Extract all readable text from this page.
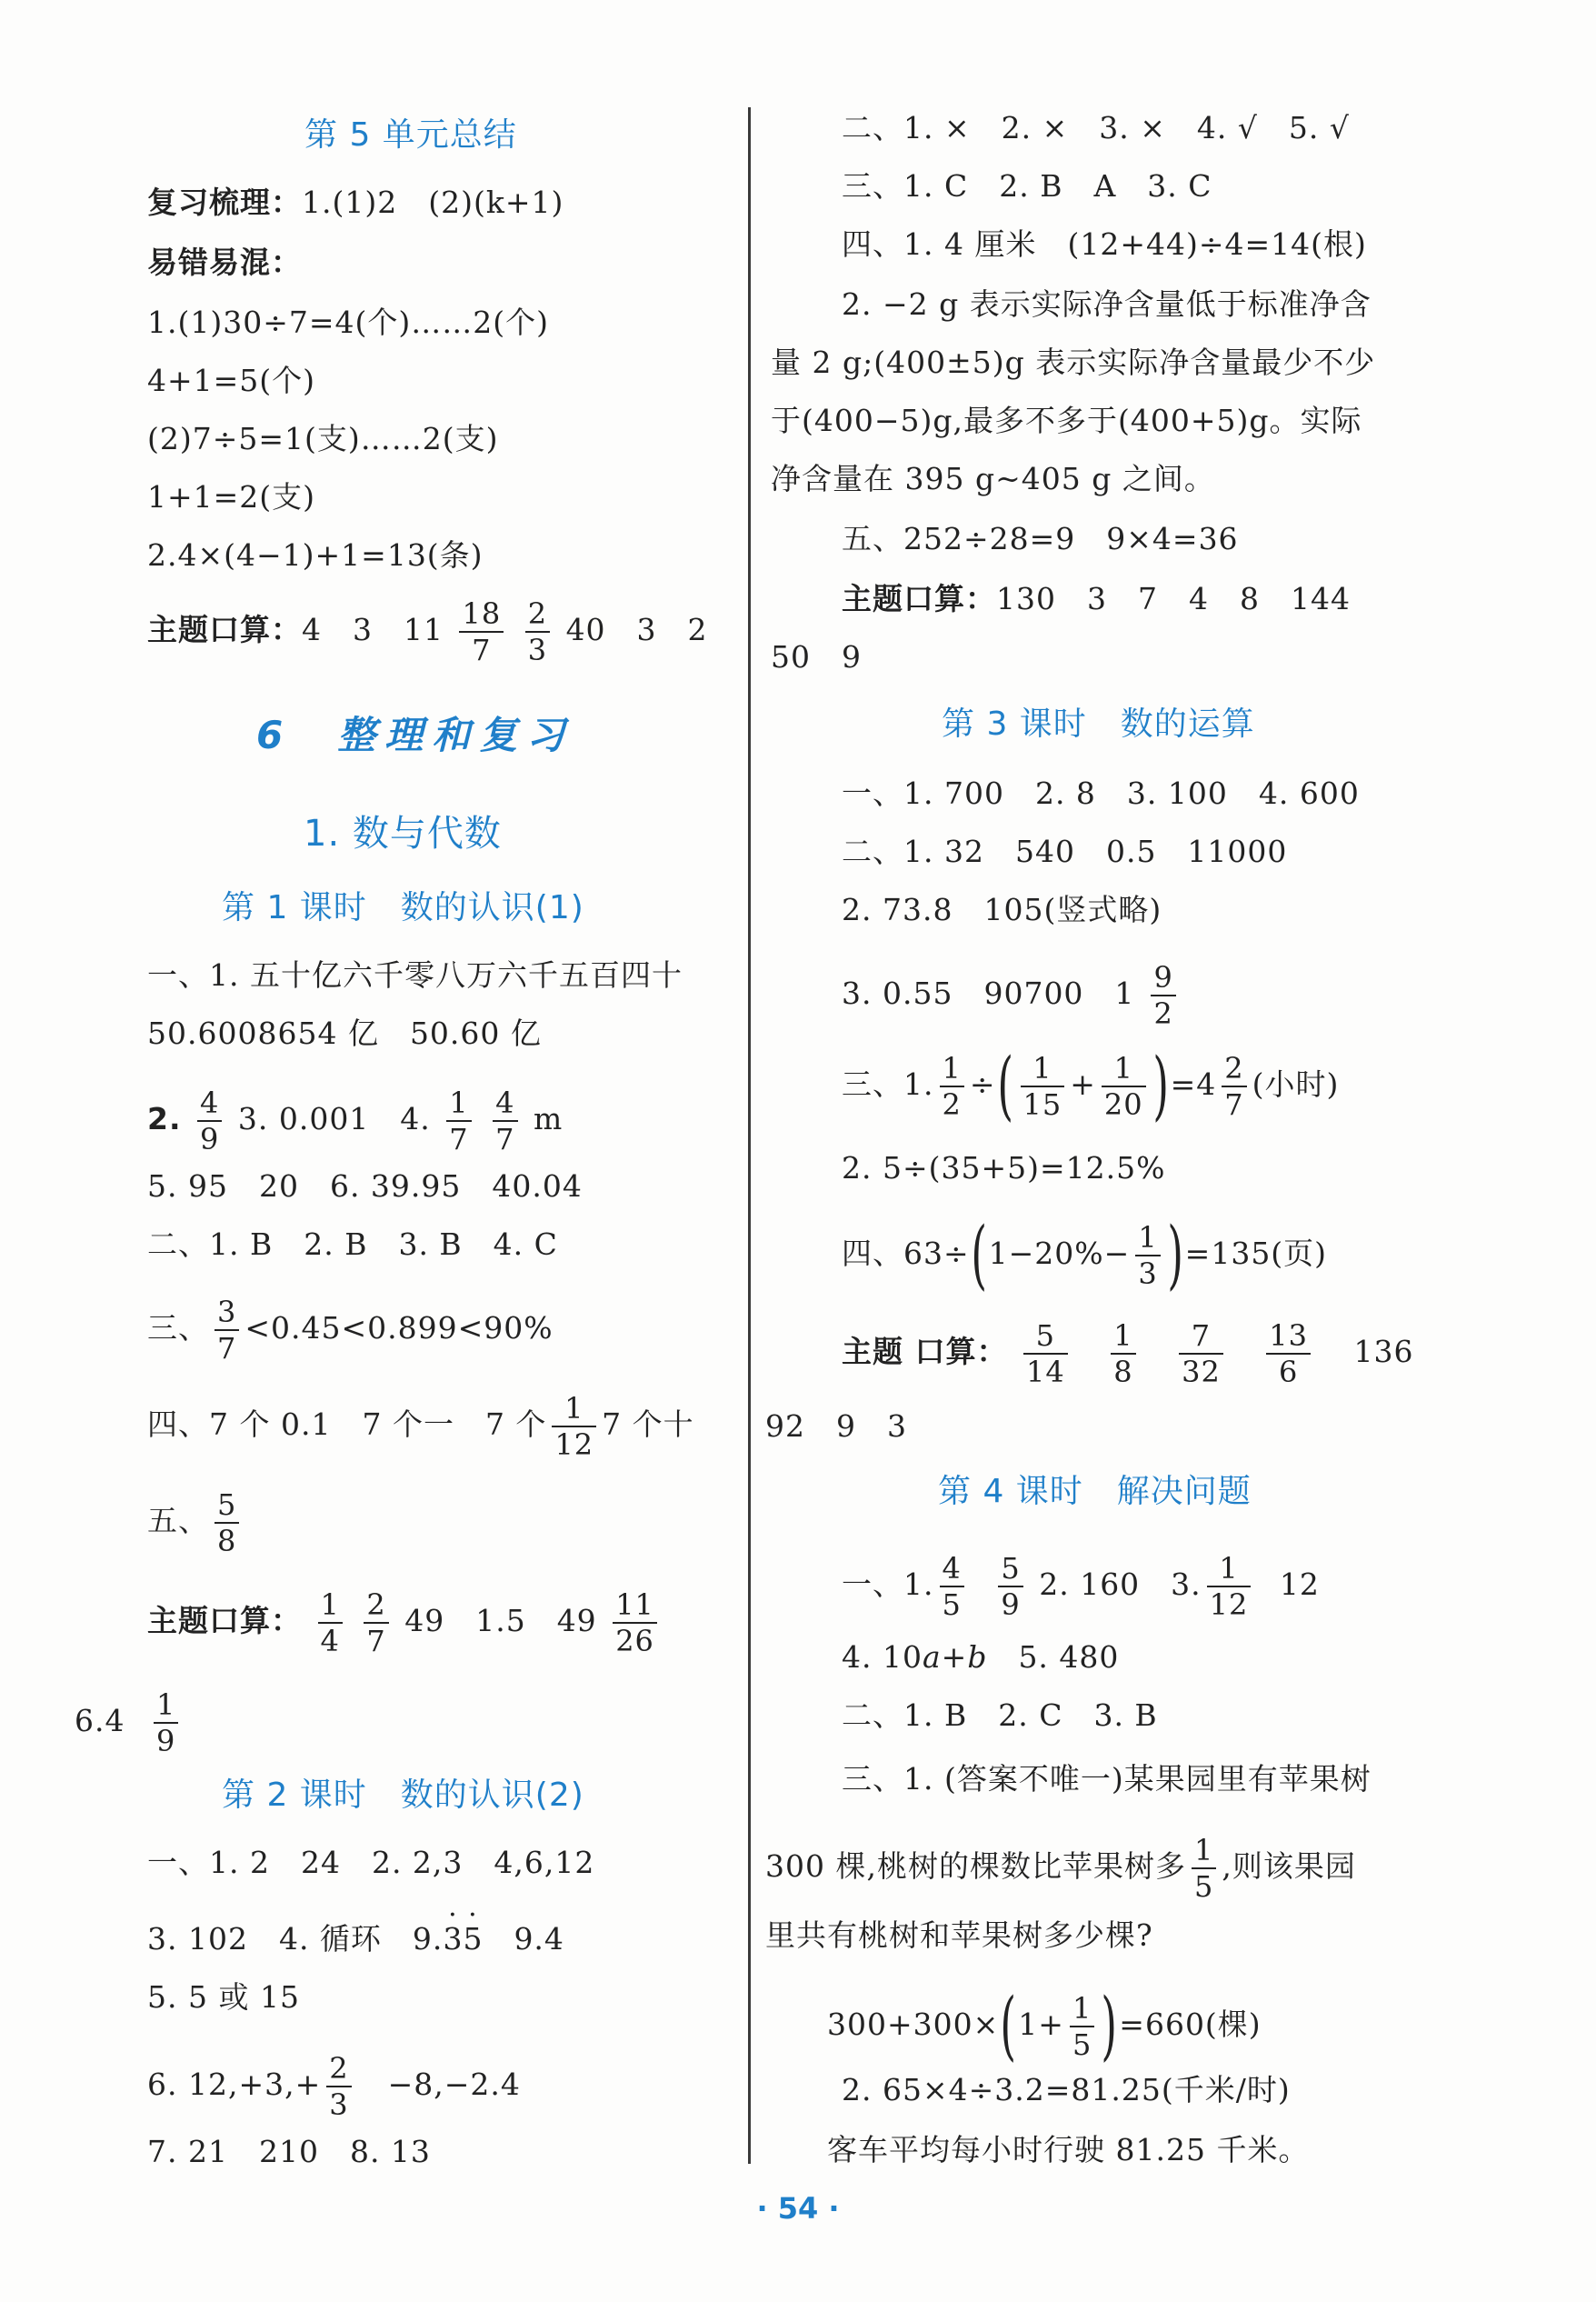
第 5 单元总结
复习梳理：1.(1)2　(2)(k+1)
易错易混：
1.(1)30÷7=4(个)……2(个)
4+1=5(个)
(2)7÷5=1(支)……2(支)
1+1=2(支)
2.4×(4−1)+1=13(条)
主题口算：4　3　$11 \frac{18}{7}$
$\frac{2}{3} 40$　3　2
6 整理和复习
1. 数与代数
第 1 课时　数的认识(1)
一、1. 五十亿六千零八万六千五百四十
50.6008654 亿　50.60 亿
2. $\frac{4}{9} 3$. 0.001　4. $\frac{1}{7}$
$\frac{4}{7}$ m
5. 95　20　6. 39.95　40.04
二、1. B　2. B　3. B　4. C
三、 $\frac{3}{7} <0.45<0.899<90\%$
四、7 个 0.1　7 个一　7 个 $\frac{1}{12} 7$ 个十
五、 $\frac{5}{8}$
主题口算： $\frac{1}{4}$
$\frac{2}{7} 49$　1.5　$49 \frac{11}{26}$
$6.4 \frac{1}{9}$
第 2 课时　数的认识(2)
一、1. 2　24　2. 2,3　4,6,12
3. 102　4. 循环　9.· 3· 5　 9.4
5. 5 或 15
6. $12,+3,+ \frac{2}{3}$
　 −8,−2.4
7. 21　210　8. 13
二、1. ×　2. ×　3. ×　4. √　5. √
三、1. C　2. B　A　3. C
四、1. 4 厘米　(12+44)÷4=14(根)
2. −2 g 表示实际净含量低于标准净含
量 2 g;(400±5)g 表示实际净含量最少不少
于(400−5)g,最多不多于(400+5)g。实际
净含量在 395 g~405 g 之间。
五、252÷28=9　9×4=36
主题口算：130　3　7　4　8　144
50　9
第 3 课时　数的运算
一、1. 700　2. 8　3. 100　4. 600
二、1. 32　540　0.5　11000
2. 73.8　105(竖式略)
3. 0.55　90700　$1 \frac{9}{2}$
三、1. $\frac{1}{2}$ ÷( $\frac{1}{15} + \frac{1}{20} )=4 \frac{2}{7}$ (小时)
2. 5÷(35+5)=12.5%
四、$63\div(1-20\%- \frac{1}{3} )=135$(页)
主题 口算： $\frac{5}{14}$
$\frac{1}{8}$
$\frac{7}{32}$
$\frac{13}{6} 136$
92　9　3
第 4 课时　解决问题
一、1. $\frac{4}{5}$
$\frac{5}{9} 2$. 160　3. $\frac{1}{12} 12$
4. 10a+b　 5. 480
二、1. B　2. C　3. B
三、1. (答案不唯一)某果园里有苹果树
300 棵,桃树的棵数比苹果树多 $\frac{1}{5}$ ,则该果园
里共有桃树和苹果树多少棵?
$300+300\times(1+ \frac{1}{5} )=660$(棵)
2. 65×4÷3.2=81.25(千米/时)
客车平均每小时行驶 81.25 千米。
· 54 ·
